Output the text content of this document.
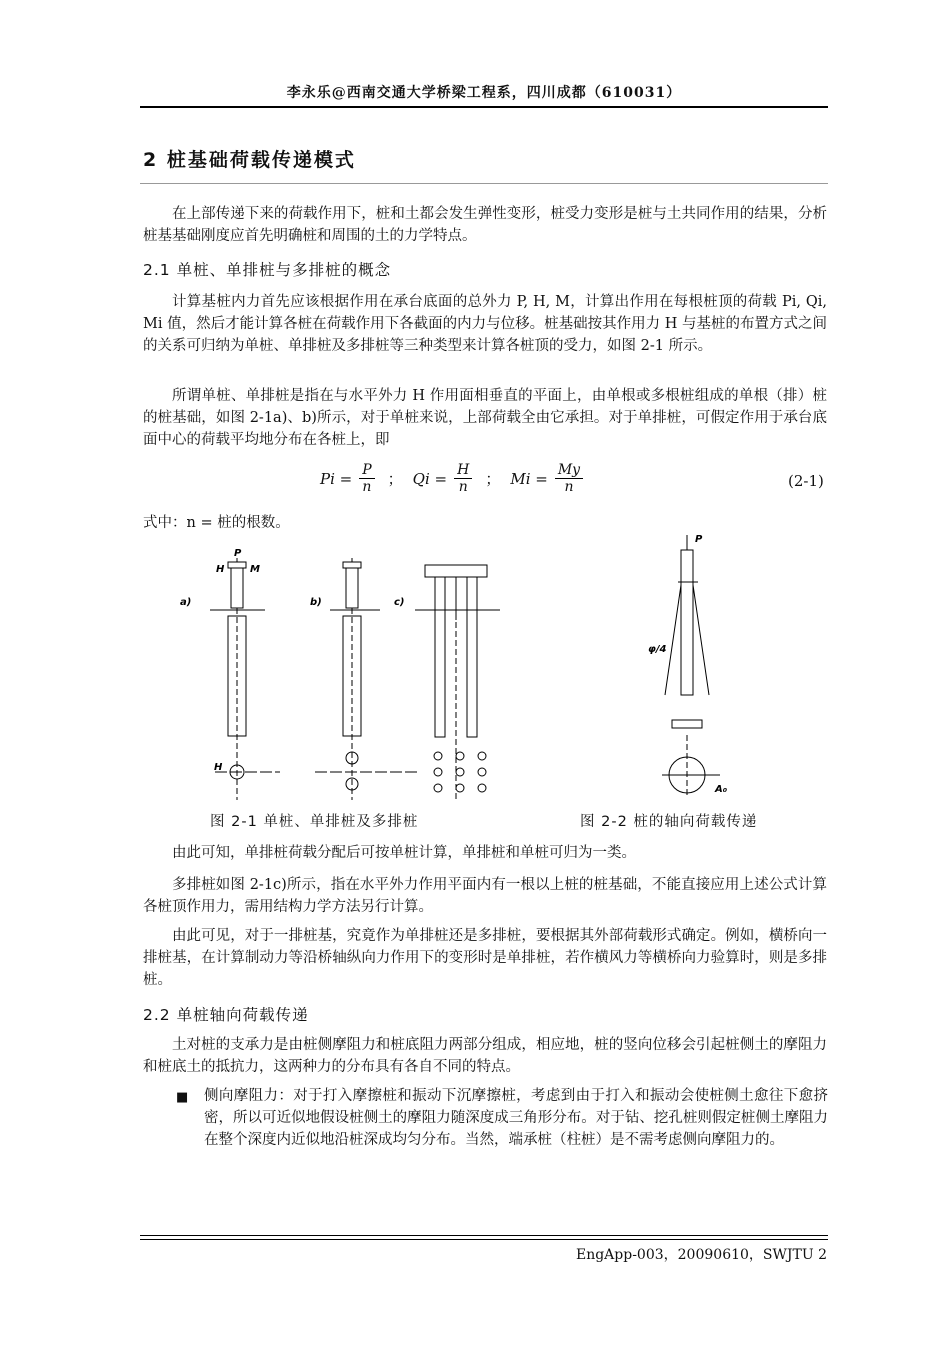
李永乐@西南交通大学桥梁工程系，四川成都（610031）
2 桩基础荷载传递模式

在上部传递下来的荷载作用下，桩和土都会发生弹性变形，桩受力变形是桩与土共同作用的结果，分析桩基基础刚度应首先明确桩和周围的土的力学特点。

2.1 单桩、单排桩与多排桩的概念

计算基桩内力首先应该根据作用在承台底面的总外力 P, H, M，计算出作用在每根桩顶的荷载 Pi, Qi, Mi 值，然后才能计算各桩在荷载作用下各截面的内力与位移。桩基础按其作用力 H 与基桩的布置方式之间的关系可归纳为单桩、单排桩及多排桩等三种类型来计算各桩顶的受力，如图 2-1 所示。

所谓单桩、单排桩是指在与水平外力 H 作用面相垂直的平面上，由单根或多根桩组成的单根（排）桩的桩基础，如图 2-1a)、b)所示，对于单桩来说，上部荷载全由它承担。对于单排桩，可假定作用于承台底面中心的荷载平均地分布在各桩上，即

$Pi = \frac{P}{n}$ ； $Qi = \frac{H}{n}$ ； $Mi = \frac{My}{n}$	(2-1)

式中：n = 桩的根数。

a)	b)	c)
P
H	M
H
P
φ/4
A₀
图 2-1 单桩、单排桩及多排桩	图 2-2 桩的轴向荷载传递

由此可知，单排桩荷载分配后可按单桩计算，单排桩和单桩可归为一类。

多排桩如图 2-1c)所示，指在水平外力作用平面内有一根以上桩的桩基础，不能直接应用上述公式计算各桩顶作用力，需用结构力学方法另行计算。

由此可见，对于一排桩基，究竟作为单排桩还是多排桩，要根据其外部荷载形式确定。例如，横桥向一排桩基，在计算制动力等沿桥轴纵向力作用下的变形时是单排桩，若作横风力等横桥向力验算时，则是多排桩。

2.2 单桩轴向荷载传递

土对桩的支承力是由桩侧摩阻力和桩底阻力两部分组成，相应地，桩的竖向位移会引起桩侧土的摩阻力和桩底土的抵抗力，这两种力的分布具有各自不同的特点。

■ 侧向摩阻力：对于打入摩擦桩和振动下沉摩擦桩，考虑到由于打入和振动会使桩侧土愈往下愈挤密，所以可近似地假设桩侧土的摩阻力随深度成三角形分布。对于钻、挖孔桩则假定桩侧土摩阻力在整个深度内近似地沿桩深成均匀分布。当然，端承桩（柱桩）是不需考虑侧向摩阻力的。
EngApp-003，20090610，SWJTU 2
